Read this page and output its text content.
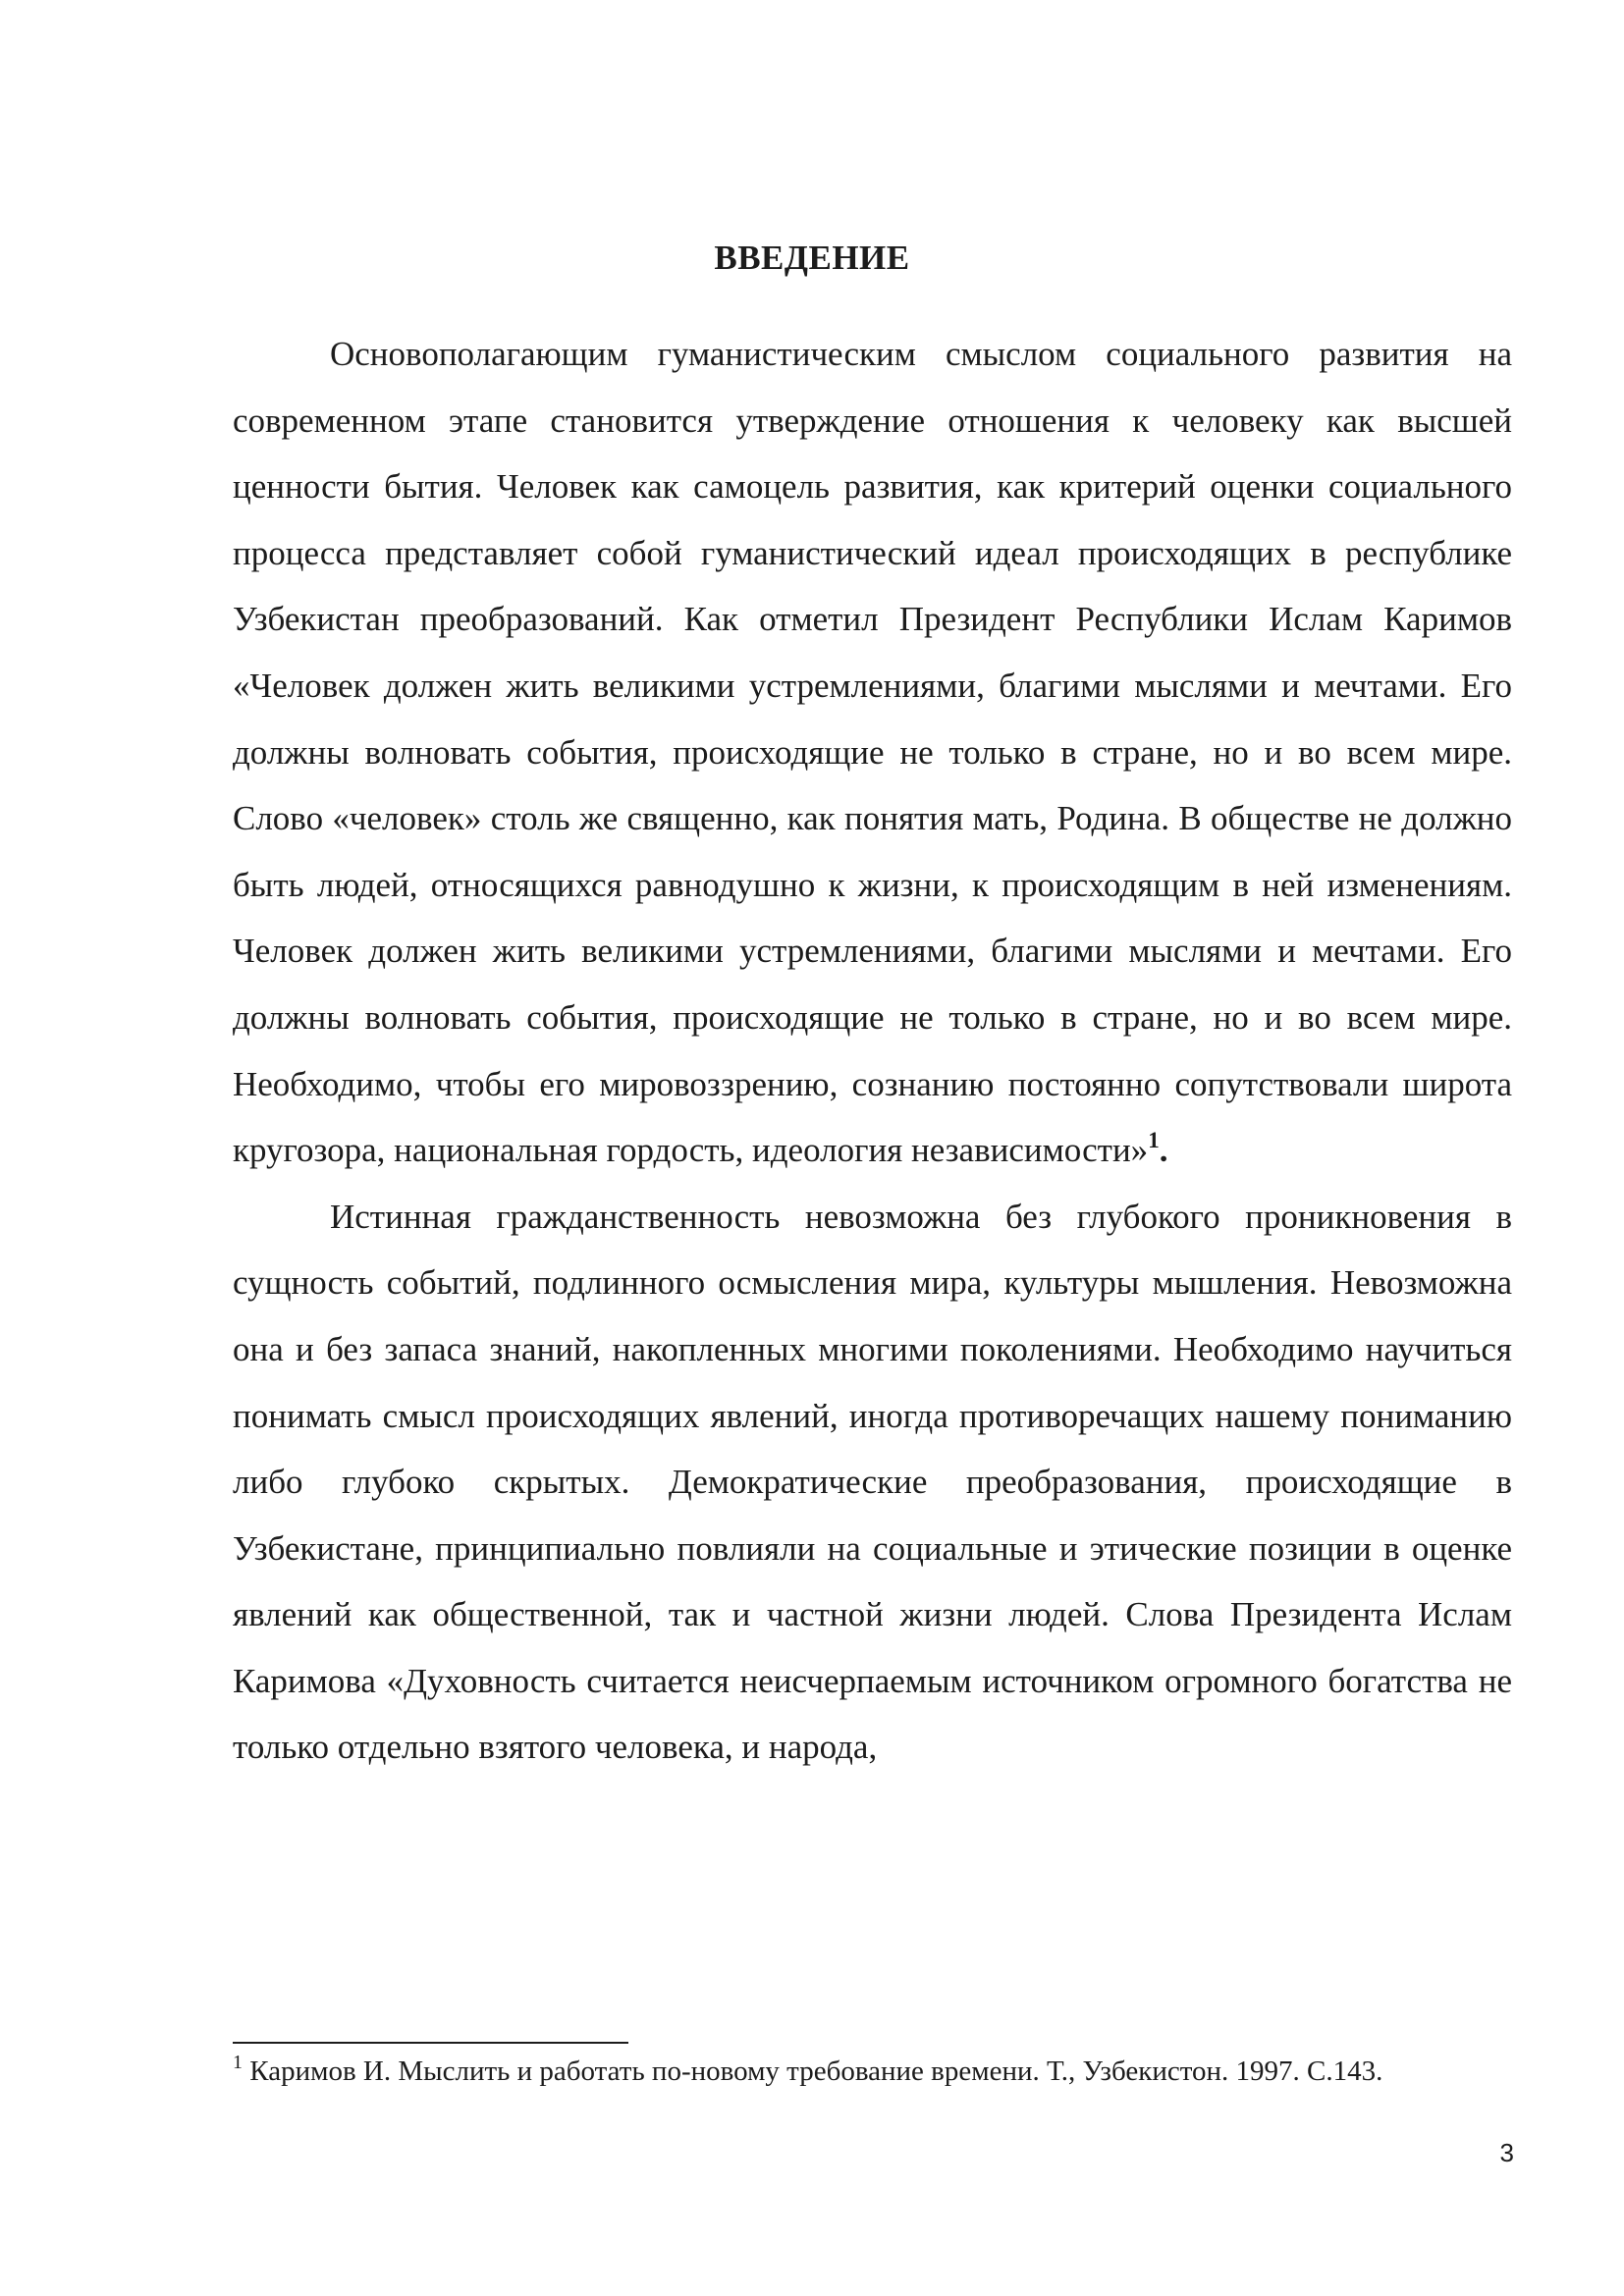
ВВЕДЕНИЕ

Основополагающим гуманистическим смыслом социального развития на современном этапе становится утверждение отношения к человеку как высшей ценности бытия. Человек как самоцель развития, как критерий оценки социального процесса представляет собой гуманистический идеал происходящих в республике Узбекистан преобразований. Как отметил Президент Республики Ислам Каримов «Человек должен жить великими устремлениями, благими мыслями и мечтами. Его должны волновать события, происходящие не только в стране, но и во всем мире. Слово «человек» столь же священно, как понятия мать, Родина. В обществе не должно быть людей, относящихся равнодушно к жизни, к происходящим в ней изменениям. Человек должен жить великими устремлениями, благими мыслями и мечтами. Его должны волновать события, происходящие не только в стране, но и во всем мире. Необходимо, чтобы его мировоззрению, сознанию постоянно сопутствовали широта кругозора, национальная гордость, идеология независимости»$^1$.

Истинная гражданственность невозможна без глубокого проникновения в сущность событий, подлинного осмысления мира, культуры мышления. Невозможна она и без запаса знаний, накопленных многими поколениями. Необходимо научиться понимать смысл происходящих явлений, иногда противоречащих нашему пониманию либо глубоко скрытых. Демократические преобразования, происходящие в Узбекистане, принципиально повлияли на социальные и этические позиции в оценке явлений как общественной, так и частной жизни людей. Слова Президента Ислам Каримова «Духовность считается неисчерпаемым источником огромного богатства не только отдельно взятого человека, и народа,

$^1$ Каримов И. Мыслить и работать по-новому требование времени. Т., Узбекистон. 1997. С.143.
3
